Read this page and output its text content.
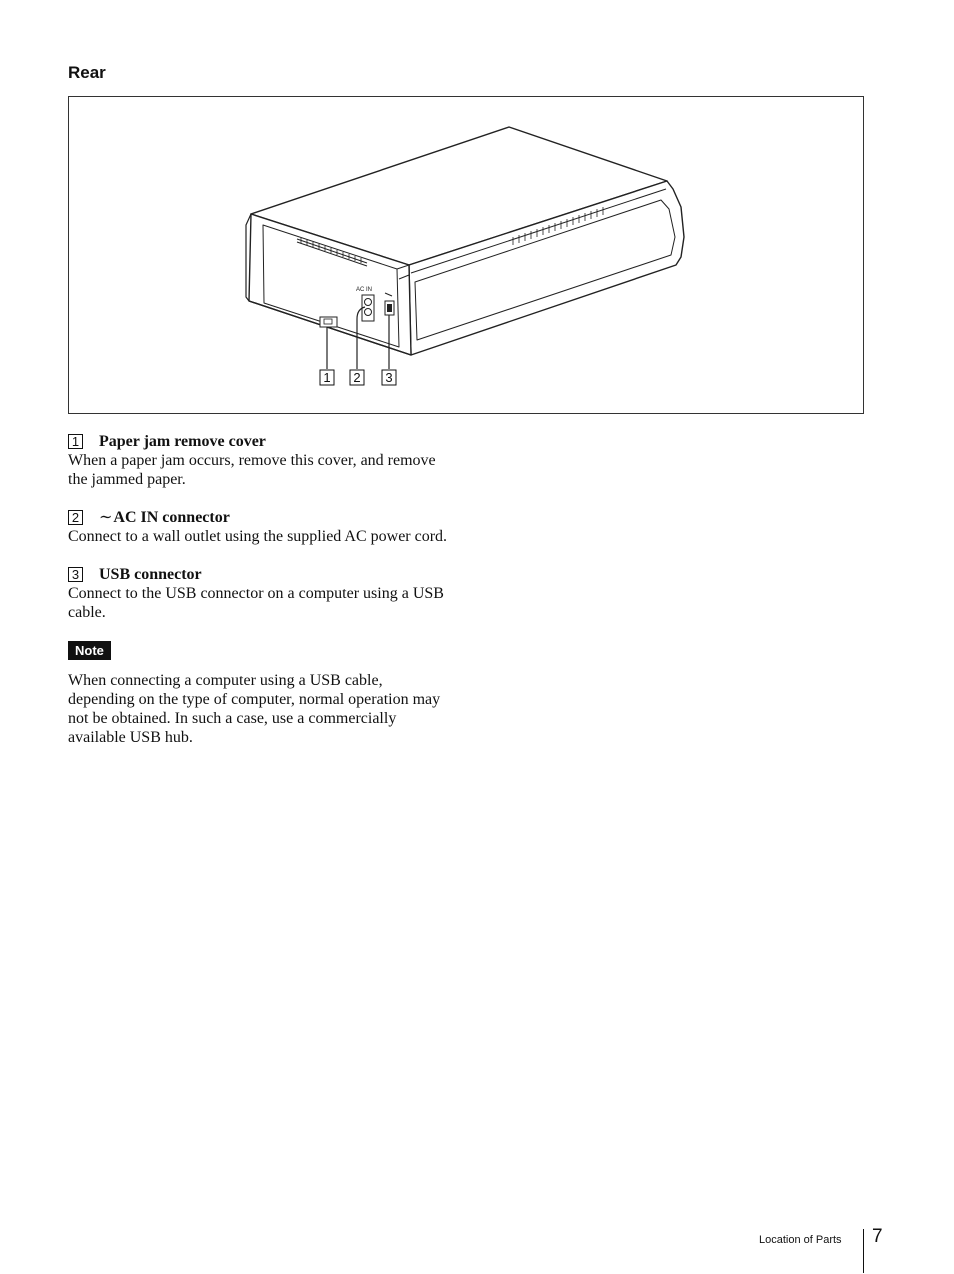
Rear
AC IN
1 2 3
1 Paper jam remove cover
When a paper jam occurs, remove this cover, and remove the jammed paper.
2 ∼ AC IN connector
Connect to a wall outlet using the supplied AC power cord.
3 USB connector
Connect to the USB connector on a computer using a USB cable.
Note
When connecting a computer using a USB cable, depending on the type of computer, normal operation may not be obtained. In such a case, use a commercially available USB hub.
Location of Parts 7
